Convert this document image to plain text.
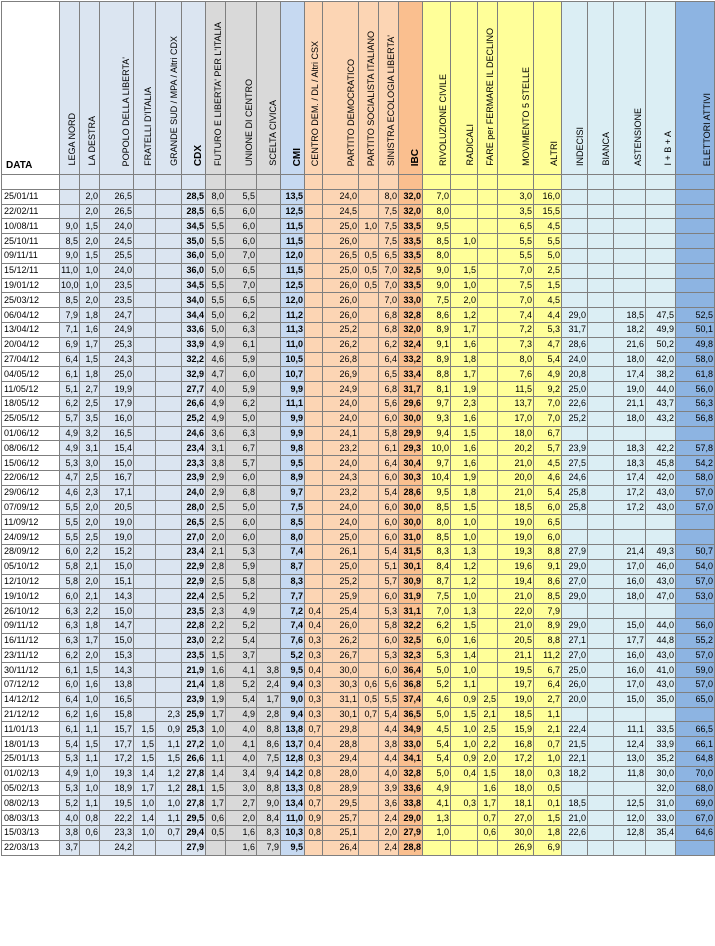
DATA	LEGA NORD	LA DESTRA	POPOLO DELLA LIBERTA'	FRATELLI D'ITALIA	GRANDE SUD / MPA / Altri CDX	CDX	FUTURO E LIBERTA' PER L'ITALIA	UNIONE DI CENTRO	SCELTA CIVICA	CMI	CENTRO DEM. / DL / Altri CSX	PARTITO DEMOCRATICO	PARTITO SOCIALISTA ITALIANO	SINISTRA ECOLOGIA LIBERTA'	IBC	RIVOLUZIONE CIVILE	RADICALI	FARE per FERMARE IL DECLINO	MOVIMENTO 5 STELLE	ALTRI	INDECISI	BIANCA	ASTENSIONE	I + B + A	ELETTORI ATTIVI

25/01/11		2,0	26,5			28,5	8,0	5,5		13,5		24,0		8,0	32,0	7,0			3,0	16,0					
22/02/11		2,0	26,5			28,5	6,5	6,0		12,5		24,5		7,5	32,0	8,0			3,5	15,5					
10/08/11	9,0	1,5	24,0			34,5	5,5	6,0		11,5		25,0	1,0	7,5	33,5	9,5			6,5	4,5					
25/10/11	8,5	2,0	24,5			35,0	5,5	6,0		11,5		26,0		7,5	33,5	8,5	1,0		5,5	5,5					
09/11/11	9,0	1,5	25,5			36,0	5,0	7,0		12,0		26,5	0,5	6,5	33,5	8,0			5,5	5,0					
15/12/11	11,0	1,0	24,0			36,0	5,0	6,5		11,5		25,0	0,5	7,0	32,5	9,0	1,5		7,0	2,5					
19/01/12	10,0	1,0	23,5			34,5	5,5	7,0		12,5		26,0	0,5	7,0	33,5	9,0	1,0		7,5	1,5					
25/03/12	8,5	2,0	23,5			34,0	5,5	6,5		12,0		26,0		7,0	33,0	7,5	2,0		7,0	4,5					
06/04/12	7,9	1,8	24,7			34,4	5,0	6,2		11,2		26,0		6,8	32,8	8,6	1,2		7,4	4,4	29,0		18,5	47,5	52,5
13/04/12	7,1	1,6	24,9			33,6	5,0	6,3		11,3		25,2		6,8	32,0	8,9	1,7		7,2	5,3	31,7		18,2	49,9	50,1
20/04/12	6,9	1,7	25,3			33,9	4,9	6,1		11,0		26,2		6,2	32,4	9,1	1,6		7,3	4,7	28,6		21,6	50,2	49,8
27/04/12	6,4	1,5	24,3			32,2	4,6	5,9		10,5		26,8		6,4	33,2	8,9	1,8		8,0	5,4	24,0		18,0	42,0	58,0
04/05/12	6,1	1,8	25,0			32,9	4,7	6,0		10,7		26,9		6,5	33,4	8,8	1,7		7,6	4,9	20,8		17,4	38,2	61,8
11/05/12	5,1	2,7	19,9			27,7	4,0	5,9		9,9		24,9		6,8	31,7	8,1	1,9		11,5	9,2	25,0		19,0	44,0	56,0
18/05/12	6,2	2,5	17,9			26,6	4,9	6,2		11,1		24,0		5,6	29,6	9,7	2,3		13,7	7,0	22,6		21,1	43,7	56,3
25/05/12	5,7	3,5	16,0			25,2	4,9	5,0		9,9		24,0		6,0	30,0	9,3	1,6		17,0	7,0	25,2		18,0	43,2	56,8
01/06/12	4,9	3,2	16,5			24,6	3,6	6,3		9,9		24,1		5,8	29,9	9,4	1,5		18,0	6,7					
08/06/12	4,9	3,1	15,4			23,4	3,1	6,7		9,8		23,2		6,1	29,3	10,0	1,6		20,2	5,7	23,9		18,3	42,2	57,8
15/06/12	5,3	3,0	15,0			23,3	3,8	5,7		9,5		24,0		6,4	30,4	9,7	1,6		21,0	4,5	27,5		18,3	45,8	54,2
22/06/12	4,7	2,5	16,7			23,9	2,9	6,0		8,9		24,3		6,0	30,3	10,4	1,9		20,0	4,6	24,6		17,4	42,0	58,0
29/06/12	4,6	2,3	17,1			24,0	2,9	6,8		9,7		23,2		5,4	28,6	9,5	1,8		21,0	5,4	25,8		17,2	43,0	57,0
07/09/12	5,5	2,0	20,5			28,0	2,5	5,0		7,5		24,0		6,0	30,0	8,5	1,5		18,5	6,0	25,8		17,2	43,0	57,0
11/09/12	5,5	2,0	19,0			26,5	2,5	6,0		8,5		24,0		6,0	30,0	8,0	1,0		19,0	6,5					
24/09/12	5,5	2,5	19,0			27,0	2,0	6,0		8,0		25,0		6,0	31,0	8,5	1,0		19,0	6,0					
28/09/12	6,0	2,2	15,2			23,4	2,1	5,3		7,4		26,1		5,4	31,5	8,3	1,3		19,3	8,8	27,9		21,4	49,3	50,7
05/10/12	5,8	2,1	15,0			22,9	2,8	5,9		8,7		25,0		5,1	30,1	8,4	1,2		19,6	9,1	29,0		17,0	46,0	54,0
12/10/12	5,8	2,0	15,1			22,9	2,5	5,8		8,3		25,2		5,7	30,9	8,7	1,2		19,4	8,6	27,0		16,0	43,0	57,0
19/10/12	6,0	2,1	14,3			22,4	2,5	5,2		7,7		25,9		6,0	31,9	7,5	1,0		21,0	8,5	29,0		18,0	47,0	53,0
26/10/12	6,3	2,2	15,0			23,5	2,3	4,9		7,2	0,4	25,4		5,3	31,1	7,0	1,3		22,0	7,9					
09/11/12	6,3	1,8	14,7			22,8	2,2	5,2		7,4	0,4	26,0		5,8	32,2	6,2	1,5		21,0	8,9	29,0		15,0	44,0	56,0
16/11/12	6,3	1,7	15,0			23,0	2,2	5,4		7,6	0,3	26,2		6,0	32,5	6,0	1,6		20,5	8,8	27,1		17,7	44,8	55,2
23/11/12	6,2	2,0	15,3			23,5	1,5	3,7		5,2	0,3	26,7		5,3	32,3	5,3	1,4		21,1	11,2	27,0		16,0	43,0	57,0
30/11/12	6,1	1,5	14,3			21,9	1,6	4,1	3,8	9,5	0,4	30,0		6,0	36,4	5,0	1,0		19,5	6,7	25,0		16,0	41,0	59,0
07/12/12	6,0	1,6	13,8			21,4	1,8	5,2	2,4	9,4	0,3	30,3	0,6	5,6	36,8	5,2	1,1		19,7	6,4	26,0		17,0	43,0	57,0
14/12/12	6,4	1,0	16,5			23,9	1,9	5,4	1,7	9,0	0,3	31,1	0,5	5,5	37,4	4,6	0,9	2,5	19,0	2,7	20,0		15,0	35,0	65,0
21/12/12	6,2	1,6	15,8		2,3	25,9	1,7	4,9	2,8	9,4	0,3	30,1	0,7	5,4	36,5	5,0	1,5	2,1	18,5	1,1					
11/01/13	6,1	1,1	15,7	1,5	0,9	25,3	1,0	4,0	8,8	13,8	0,7	29,8		4,4	34,9	4,5	1,0	2,5	15,9	2,1	22,4		11,1	33,5	66,5
18/01/13	5,4	1,5	17,7	1,5	1,1	27,2	1,0	4,1	8,6	13,7	0,4	28,8		3,8	33,0	5,4	1,0	2,2	16,8	0,7	21,5		12,4	33,9	66,1
25/01/13	5,3	1,1	17,2	1,5	1,5	26,6	1,1	4,0	7,5	12,8	0,3	29,4		4,4	34,1	5,4	0,9	2,0	17,2	1,0	22,1		13,0	35,2	64,8
01/02/13	4,9	1,0	19,3	1,4	1,2	27,8	1,4	3,4	9,4	14,2	0,8	28,0		4,0	32,8	5,0	0,4	1,5	18,0	0,3	18,2		11,8	30,0	70,0
05/02/13	5,3	1,0	18,9	1,7	1,2	28,1	1,5	3,0	8,8	13,3	0,8	28,9		3,9	33,6	4,9		1,6	18,0	0,5				32,0	68,0
08/02/13	5,2	1,1	19,5	1,0	1,0	27,8	1,7	2,7	9,0	13,4	0,7	29,5		3,6	33,8	4,1	0,3	1,7	18,1	0,1	18,5		12,5	31,0	69,0
08/03/13	4,0	0,8	22,2	1,4	1,1	29,5	0,6	2,0	8,4	11,0	0,9	25,7		2,4	29,0	1,3		0,7	27,0	1,5	21,0		12,0	33,0	67,0
15/03/13	3,8	0,6	23,3	1,0	0,7	29,4	0,5	1,6	8,3	10,3	0,8	25,1		2,0	27,9	1,0		0,6	30,0	1,8	22,6		12,8	35,4	64,6
22/03/13	3,7		24,2			27,9		1,6	7,9	9,5		26,4		2,4	28,8				26,9	6,9					
